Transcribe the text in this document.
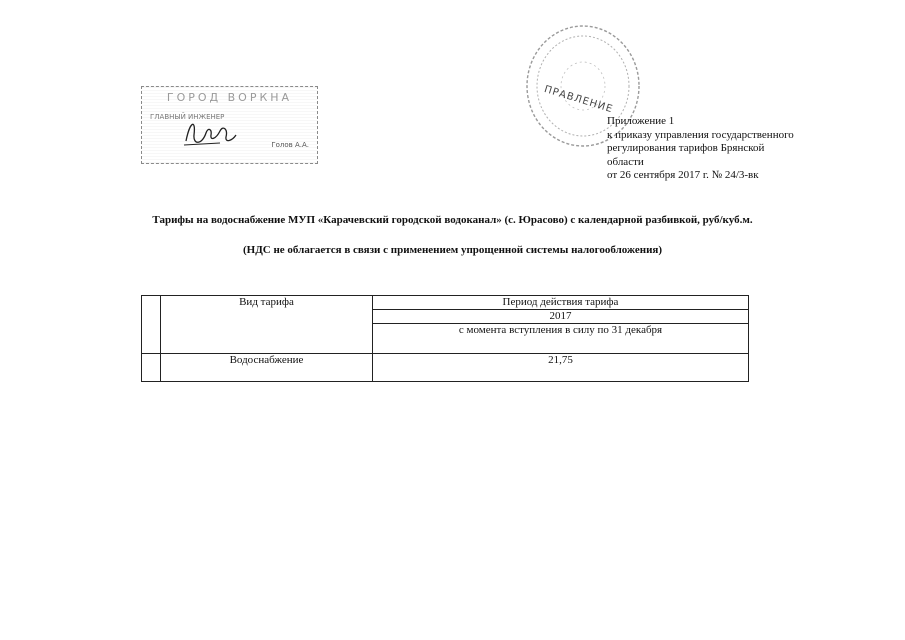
ГОРОД ВОРКНА
ГЛАВНЫЙ ИНЖЕНЕР
Голов А.А.
ПРАВЛЕНИЕ
Приложение 1
к приказу управления государственного
регулирования тарифов Брянской
области
от 26 сентября 2017 г. № 24/3-вк
Тарифы на водоснабжение МУП «Карачевский городской водоканал» (с. Юрасово) с календарной разбивкой, руб/куб.м.
(НДС не облагается в связи с применением упрощенной системы налогообложения)
	Вид тарифа	Период действия тарифа
		2017
		с момента вступления в силу по 31 декабря
	Водоснабжение	21,75
